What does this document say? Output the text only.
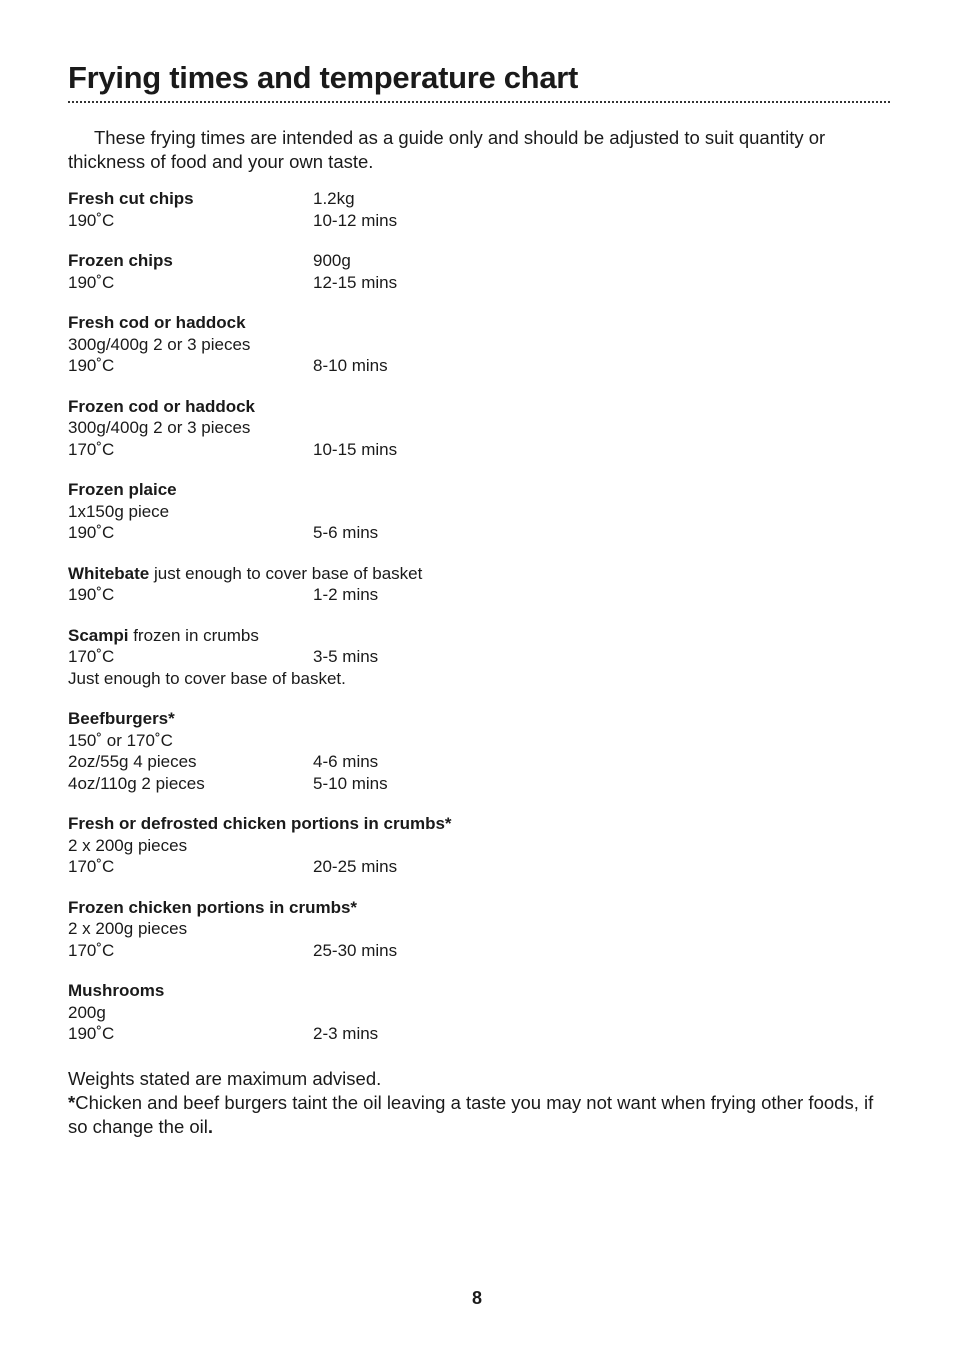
Frying times and temperature chart

These frying times are intended as a guide only and should be adjusted to suit quantity or thickness of food and your own taste.

Fresh cut chips	1.2kg
190˚C	10-12 mins
Frozen chips	900g
190˚C	12-15 mins
Fresh cod or haddock
300g/400g 2 or 3 pieces
190˚C	8-10 mins
Frozen cod or haddock
300g/400g 2 or 3 pieces
170˚C	10-15 mins
Frozen plaice
1x150g piece
190˚C	5-6 mins
Whitebate just enough to cover base of basket
190˚C	1-2 mins
Scampi frozen in crumbs
170˚C	3-5 mins
Just enough to cover base of basket.
Beefburgers*
150˚ or 170˚C
2oz/55g 4 pieces	4-6 mins
4oz/110g 2 pieces	5-10 mins
Fresh or defrosted chicken portions in crumbs*
2 x 200g pieces
170˚C	20-25 mins
Frozen chicken portions in crumbs*
2 x 200g pieces
170˚C	25-30 mins
Mushrooms
200g
190˚C	2-3 mins

Weights stated are maximum advised.

*Chicken and beef burgers taint the oil leaving a taste you may not want when frying other foods, if so change the oil.

8
